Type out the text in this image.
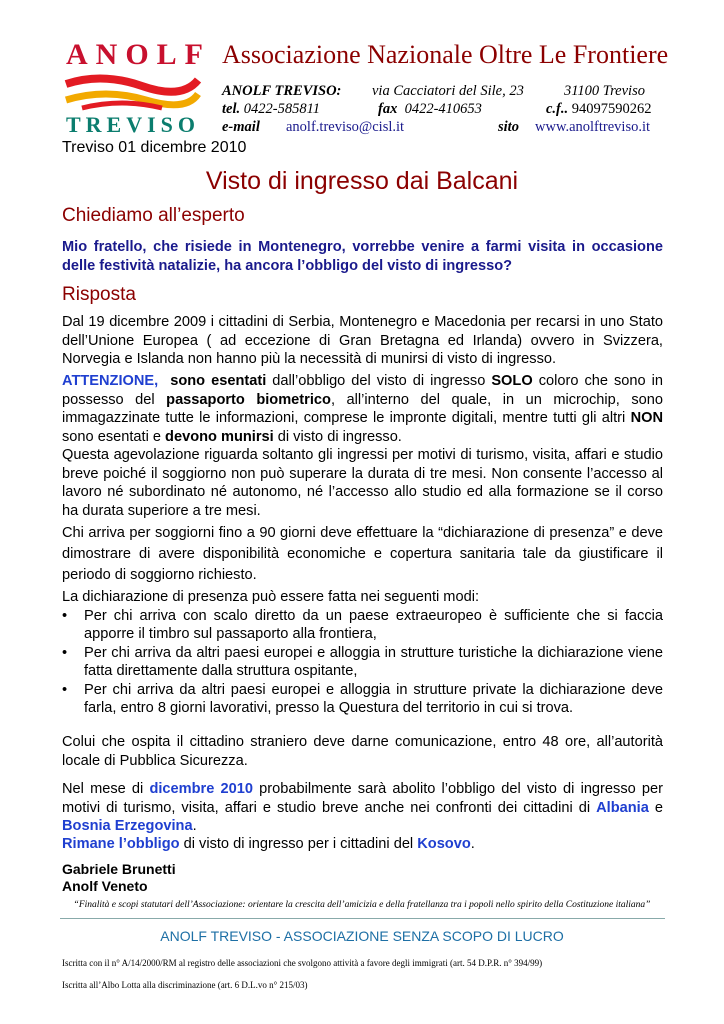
ANOLF
TREVISO
Associazione Nazionale Oltre Le Frontiere
ANOLF TREVISO: via Cacciatori del Sile, 23	31100 Treviso
tel. 0422-585811	fax 0422-410653	c.f.. 94097590262
e-mail anolf.treviso@cisl.it	sito www.anolftreviso.it
Treviso 01 dicembre 2010
Visto di ingresso dai Balcani
Chiediamo all’esperto
Mio fratello, che risiede in Montenegro, vorrebbe venire a farmi visita in occasione delle festività natalizie, ha ancora l’obbligo del visto di ingresso?
Risposta
Dal 19 dicembre 2009 i cittadini di Serbia, Montenegro e Macedonia per recarsi in uno Stato dell’Unione Europea ( ad eccezione di Gran Bretagna ed Irlanda) ovvero in Svizzera, Norvegia e Islanda non hanno più la necessità di munirsi di visto di ingresso.
ATTENZIONE, sono esentati dall’obbligo del visto di ingresso SOLO coloro che sono in possesso del passaporto biometrico, all’interno del quale, in un microchip, sono immagazzinate tutte le informazioni, comprese le impronte digitali, mentre tutti gli altri NON sono esentati e devono munirsi di visto di ingresso.
Questa agevolazione riguarda soltanto gli ingressi per motivi di turismo, visita, affari e studio breve poiché il soggiorno non può superare la durata di tre mesi. Non consente l’accesso al lavoro né subordinato né autonomo, né l’accesso allo studio ed alla formazione se il corso ha durata superiore a tre mesi.
Chi arriva per soggiorni fino a 90 giorni deve effettuare la “dichiarazione di presenza” e deve dimostrare di avere disponibilità economiche e copertura sanitaria tale da giustificare il periodo di soggiorno richiesto.
La dichiarazione di presenza può essere fatta nei seguenti modi:
• Per chi arriva con scalo diretto da un paese extraeuropeo è sufficiente che si faccia apporre il timbro sul passaporto alla frontiera,
• Per chi arriva da altri paesi europei e alloggia in strutture turistiche la dichiarazione viene fatta direttamente dalla struttura ospitante,
• Per chi arriva da altri paesi europei e alloggia in strutture private la dichiarazione deve farla, entro 8 giorni lavorativi, presso la Questura del territorio in cui si trova.
Colui che ospita il cittadino straniero deve darne comunicazione, entro 48 ore, all’autorità locale di Pubblica Sicurezza.
Nel mese di dicembre 2010 probabilmente sarà abolito l’obbligo del visto di ingresso per motivi di turismo, visita, affari e studio breve anche nei confronti dei cittadini di Albania e Bosnia Erzegovina.
Rimane l’obbligo di visto di ingresso per i cittadini del Kosovo.
Gabriele Brunetti
Anolf Veneto
“Finalità e scopi statutari dell’Associazione: orientare la crescita dell’amicizia e della fratellanza tra i popoli nello spirito della Costituzione italiana”
ANOLF TREVISO - ASSOCIAZIONE SENZA SCOPO DI LUCRO
Iscritta con il n° A/14/2000/RM al registro delle associazioni che svolgono attività a favore degli immigrati (art. 54 D.P.R. n° 394/99)
Iscritta all’Albo Lotta alla discriminazione (art. 6 D.L.vo n° 215/03)
